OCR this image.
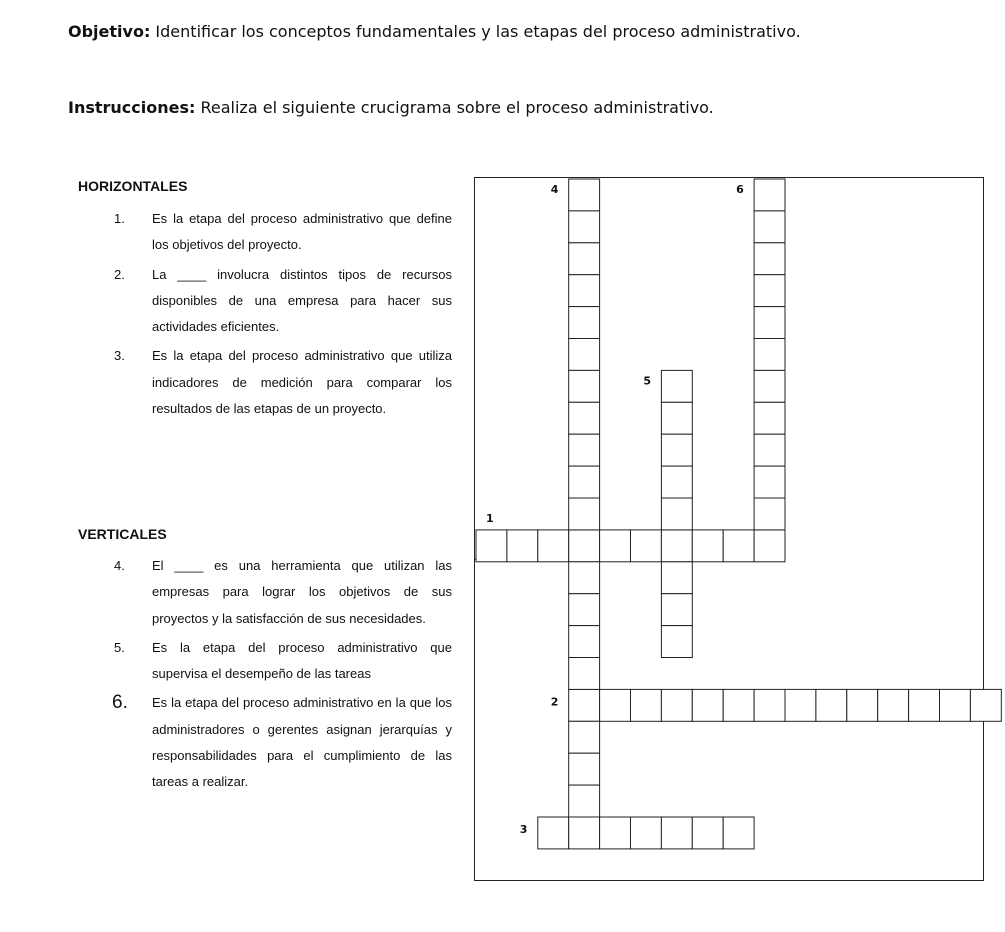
Objetivo: Identificar los conceptos fundamentales y las etapas del proceso administrativo.
Instrucciones: Realiza el siguiente crucigrama sobre el proceso administrativo.
HORIZONTALES
1.	Es la etapa del proceso administrativo que define los objetivos del proyecto.
2.	La ____ involucra distintos tipos de recursos disponibles de una empresa para hacer sus actividades eficientes.
3.	Es la etapa del proceso administrativo que utiliza indicadores de medición para comparar los resultados de las etapas de un proyecto.
VERTICALES
4.	El ____ es una herramienta que utilizan las empresas para lograr los objetivos de sus proyectos y la satisfacción de sus necesidades.
5.	Es la etapa del proceso administrativo que supervisa el desempeño de las tareas
6.	Es la etapa del proceso administrativo en la que los administradores o gerentes asignan jerarquías y responsabilidades para el cumplimiento de las tareas a realizar.
1
2
3
4
5
6
